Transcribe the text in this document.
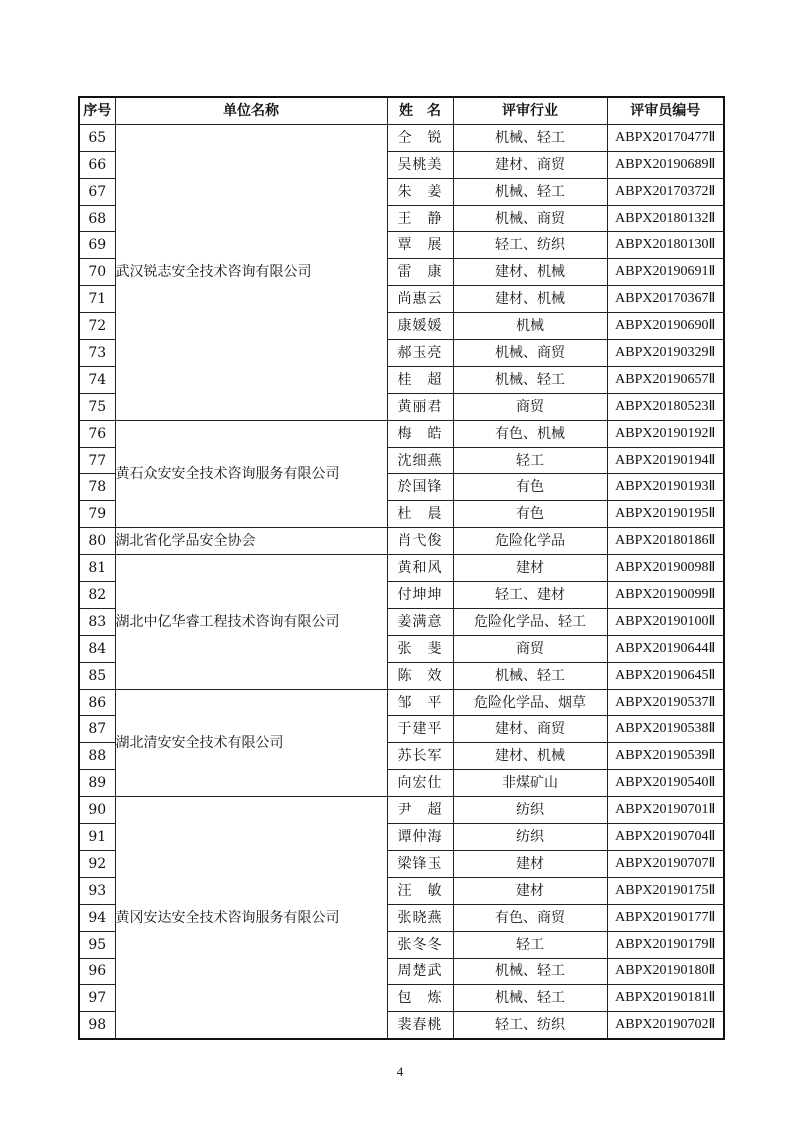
序号	单位名称	姓　名	评审行业	评审员编号
65	武汉锐志安全技术咨询有限公司	仝　锐	机械、轻工	ABPX20170477Ⅱ
66		吴桃美	建材、商贸	ABPX20190689Ⅱ
67		朱　姜	机械、轻工	ABPX20170372Ⅱ
68		王　静	机械、商贸	ABPX20180132Ⅱ
69		覃　展	轻工、纺织	ABPX20180130Ⅱ
70		雷　康	建材、机械	ABPX20190691Ⅱ
71		尚惠云	建材、机械	ABPX20170367Ⅱ
72		康媛媛	机械	ABPX20190690Ⅱ
73		郝玉亮	机械、商贸	ABPX20190329Ⅱ
74		桂　超	机械、轻工	ABPX20190657Ⅱ
75		黄丽君	商贸	ABPX20180523Ⅱ
76	黄石众安安全技术咨询服务有限公司	梅　皓	有色、机械	ABPX20190192Ⅱ
77		沈细燕	轻工	ABPX20190194Ⅱ
78		於国锋	有色	ABPX20190193Ⅱ
79		杜　晨	有色	ABPX20190195Ⅱ
80	湖北省化学品安全协会	肖弋俊	危险化学品	ABPX20180186Ⅱ
81	湖北中亿华睿工程技术咨询有限公司	黄和风	建材	ABPX20190098Ⅱ
82		付坤坤	轻工、建材	ABPX20190099Ⅱ
83		姜满意	危险化学品、轻工	ABPX20190100Ⅱ
84		张　斐	商贸	ABPX20190644Ⅱ
85		陈　效	机械、轻工	ABPX20190645Ⅱ
86	湖北清安安全技术有限公司	邹　平	危险化学品、烟草	ABPX20190537Ⅱ
87		于建平	建材、商贸	ABPX20190538Ⅱ
88		苏长军	建材、机械	ABPX20190539Ⅱ
89		向宏仕	非煤矿山	ABPX20190540Ⅱ
90	黄冈安达安全技术咨询服务有限公司	尹　超	纺织	ABPX20190701Ⅱ
91		谭仲海	纺织	ABPX20190704Ⅱ
92		梁锋玉	建材	ABPX20190707Ⅱ
93		汪　敏	建材	ABPX20190175Ⅱ
94		张晓燕	有色、商贸	ABPX20190177Ⅱ
95		张冬冬	轻工	ABPX20190179Ⅱ
96		周楚武	机械、轻工	ABPX20190180Ⅱ
97		包　炼	机械、轻工	ABPX20190181Ⅱ
98		裴春桃	轻工、纺织	ABPX20190702Ⅱ
4
